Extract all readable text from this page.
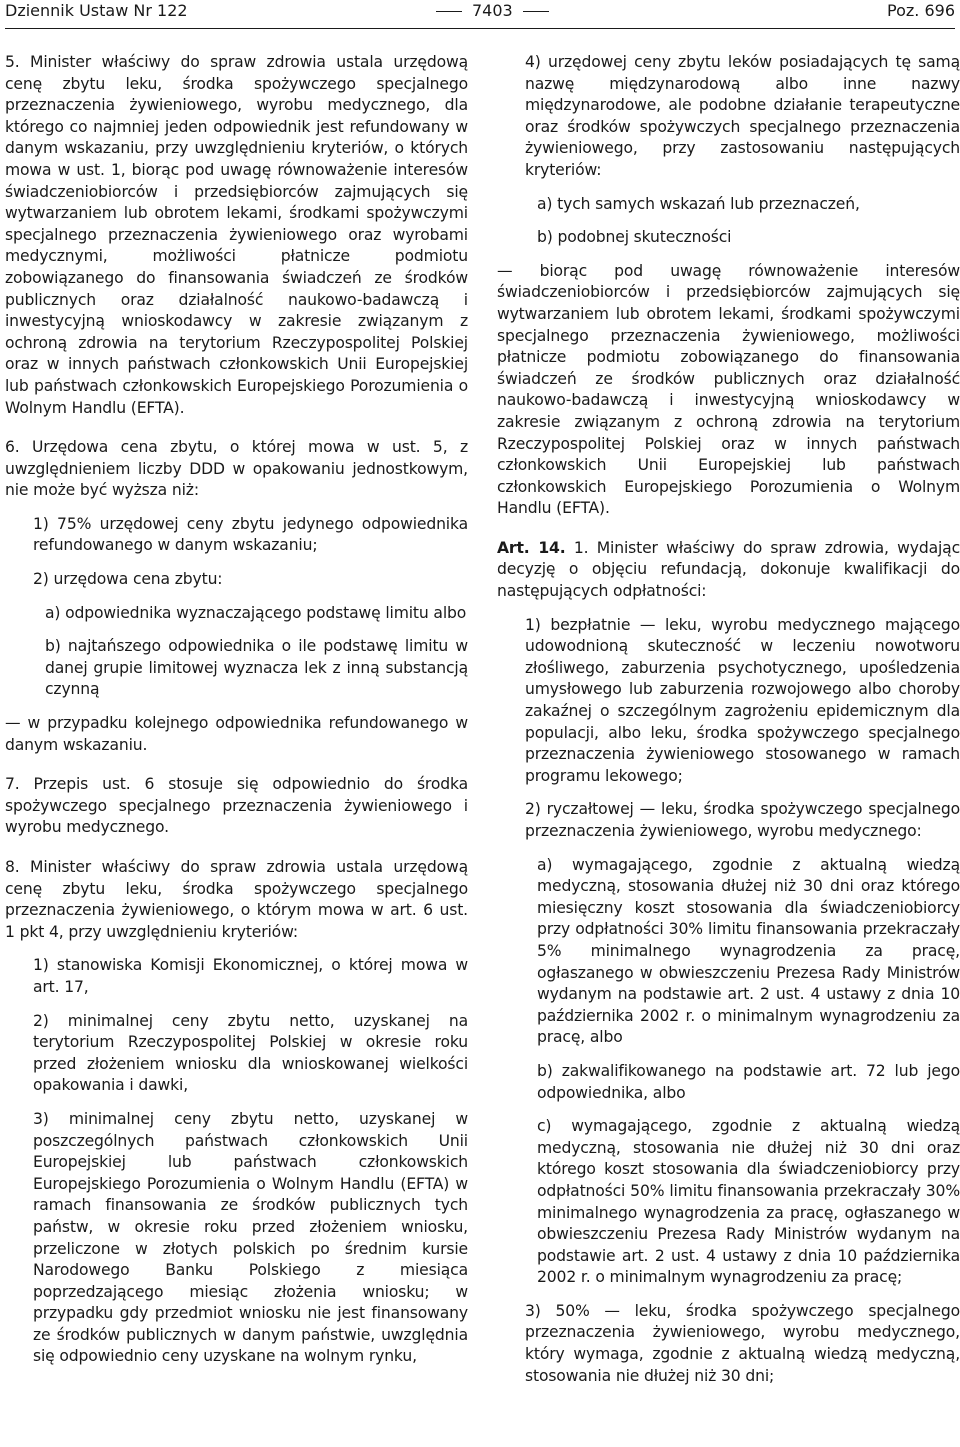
Dziennik Ustaw Nr 122	7403	Poz. 696

5. Minister właściwy do spraw zdrowia ustala urzędową cenę zbytu leku, środka spożywczego specjalnego przeznaczenia żywieniowego, wyrobu medycznego, dla którego co najmniej jeden odpowiednik jest refundowany w danym wskazaniu, przy uwzględnieniu kryteriów, o których mowa w ust. 1, biorąc pod uwagę równoważenie interesów świadczeniobiorców i przedsiębiorców zajmujących się wytwarzaniem lub obrotem lekami, środkami spożywczymi specjalnego przeznaczenia żywieniowego oraz wyrobami medycznymi, możliwości płatnicze podmiotu zobowiązanego do finansowania świadczeń ze środków publicznych oraz działalność naukowo-badawczą i inwestycyjną wnioskodawcy w zakresie związanym z ochroną zdrowia na terytorium Rzeczypospolitej Polskiej oraz w innych państwach członkowskich Unii Europejskiej lub państwach członkowskich Europejskiego Porozumienia o Wolnym Handlu (EFTA).

6. Urzędowa cena zbytu, o której mowa w ust. 5, z uwzględnieniem liczby DDD w opakowaniu jednostkowym, nie może być wyższa niż:

1) 75% urzędowej ceny zbytu jedynego odpowiednika refundowanego w danym wskazaniu;

2) urzędowa cena zbytu:

a) odpowiednika wyznaczającego podstawę limitu albo

b) najtańszego odpowiednika o ile podstawę limitu w danej grupie limitowej wyznacza lek z inną substancją czynną

— w przypadku kolejnego odpowiednika refundowanego w danym wskazaniu.

7. Przepis ust. 6 stosuje się odpowiednio do środka spożywczego specjalnego przeznaczenia żywieniowego i wyrobu medycznego.

8. Minister właściwy do spraw zdrowia ustala urzędową cenę zbytu leku, środka spożywczego specjalnego przeznaczenia żywieniowego, o którym mowa w art. 6 ust. 1 pkt 4, przy uwzględnieniu kryteriów:

1) stanowiska Komisji Ekonomicznej, o której mowa w art. 17,

2) minimalnej ceny zbytu netto, uzyskanej na terytorium Rzeczypospolitej Polskiej w okresie roku przed złożeniem wniosku dla wnioskowanej wielkości opakowania i dawki,

3) minimalnej ceny zbytu netto, uzyskanej w poszczególnych państwach członkowskich Unii Europejskiej lub państwach członkowskich Europejskiego Porozumienia o Wolnym Handlu (EFTA) w ramach finansowania ze środków publicznych tych państw, w okresie roku przed złożeniem wniosku, przeliczone w złotych polskich po średnim kursie Narodowego Banku Polskiego z miesiąca poprzedzającego miesiąc złożenia wniosku; w przypadku gdy przedmiot wniosku nie jest finansowany ze środków publicznych w danym państwie, uwzględnia się odpowiednio ceny uzyskane na wolnym rynku,

4) urzędowej ceny zbytu leków posiadających tę samą nazwę międzynarodową albo inne nazwy międzynarodowe, ale podobne działanie terapeutyczne oraz środków spożywczych specjalnego przeznaczenia żywieniowego, przy zastosowaniu następujących kryteriów:

a) tych samych wskazań lub przeznaczeń,

b) podobnej skuteczności

— biorąc pod uwagę równoważenie interesów świadczeniobiorców i przedsiębiorców zajmujących się wytwarzaniem lub obrotem lekami, środkami spożywczymi specjalnego przeznaczenia żywieniowego, możliwości płatnicze podmiotu zobowiązanego do finansowania świadczeń ze środków publicznych oraz działalność naukowo-badawczą i inwestycyjną wnioskodawcy w zakresie związanym z ochroną zdrowia na terytorium Rzeczypospolitej Polskiej oraz w innych państwach członkowskich Unii Europejskiej lub państwach członkowskich Europejskiego Porozumienia o Wolnym Handlu (EFTA).

Art. 14. 1. Minister właściwy do spraw zdrowia, wydając decyzję o objęciu refundacją, dokonuje kwalifikacji do następujących odpłatności:

1) bezpłatnie — leku, wyrobu medycznego mającego udowodnioną skuteczność w leczeniu nowotworu złośliwego, zaburzenia psychotycznego, upośledzenia umysłowego lub zaburzenia rozwojowego albo choroby zakaźnej o szczególnym zagrożeniu epidemicznym dla populacji, albo leku, środka spożywczego specjalnego przeznaczenia żywieniowego stosowanego w ramach programu lekowego;

2) ryczałtowej — leku, środka spożywczego specjalnego przeznaczenia żywieniowego, wyrobu medycznego:

a) wymagającego, zgodnie z aktualną wiedzą medyczną, stosowania dłużej niż 30 dni oraz którego miesięczny koszt stosowania dla świadczeniobiorcy przy odpłatności 30% limitu finansowania przekraczały 5% minimalnego wynagrodzenia za pracę, ogłaszanego w obwieszczeniu Prezesa Rady Ministrów wydanym na podstawie art. 2 ust. 4 ustawy z dnia 10 października 2002 r. o minimalnym wynagrodzeniu za pracę, albo

b) zakwalifikowanego na podstawie art. 72 lub jego odpowiednika, albo

c) wymagającego, zgodnie z aktualną wiedzą medyczną, stosowania nie dłużej niż 30 dni oraz którego koszt stosowania dla świadczeniobiorcy przy odpłatności 50% limitu finansowania przekraczały 30% minimalnego wynagrodzenia za pracę, ogłaszanego w obwieszczeniu Prezesa Rady Ministrów wydanym na podstawie art. 2 ust. 4 ustawy z dnia 10 października 2002 r. o minimalnym wynagrodzeniu za pracę;

3) 50% — leku, środka spożywczego specjalnego przeznaczenia żywieniowego, wyrobu medycznego, który wymaga, zgodnie z aktualną wiedzą medyczną, stosowania nie dłużej niż 30 dni;
